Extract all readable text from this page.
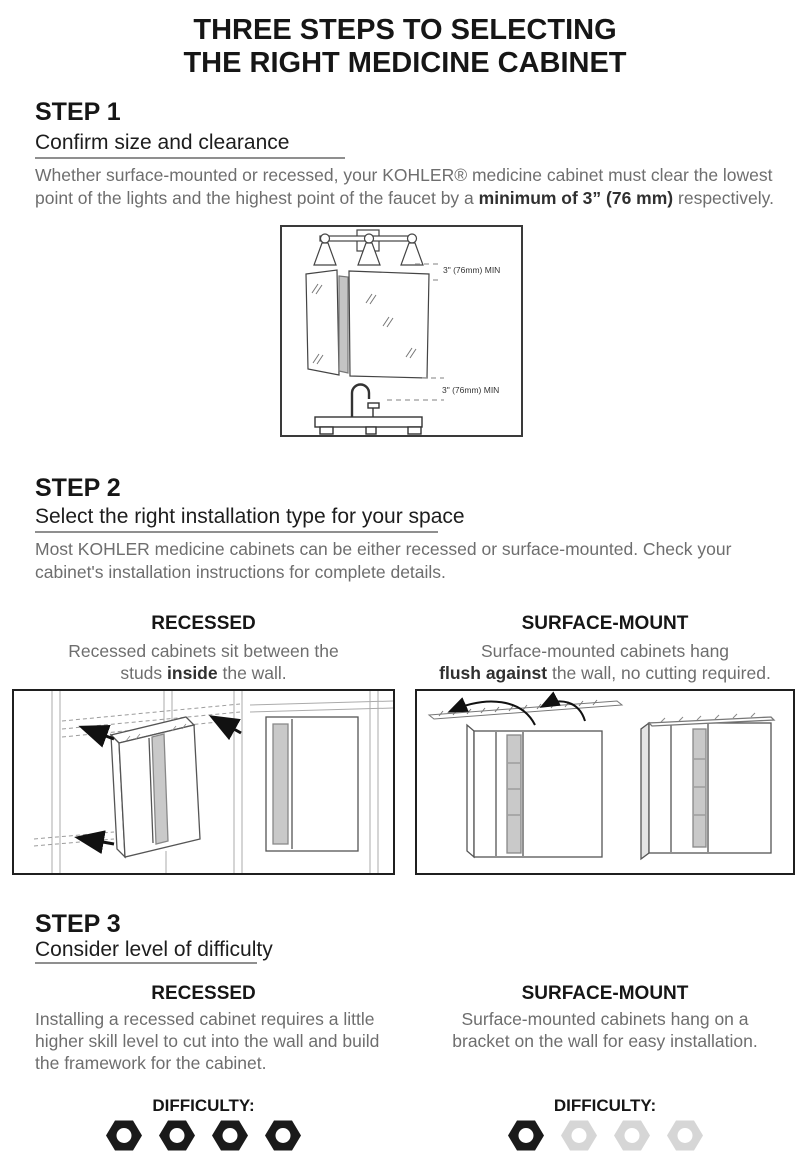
THREE STEPS TO SELECTING
THE RIGHT MEDICINE CABINET
STEP 1
Confirm size and clearance
Whether surface-mounted or recessed, your KOHLER® medicine cabinet must clear the lowest
point of the lights and the highest point of the faucet by a minimum of 3” (76 mm) respectively.
3" (76mm) MIN
3" (76mm) MIN
STEP 2
Select the right installation type for your space
Most KOHLER medicine cabinets can be either recessed or surface-mounted. Check your
cabinet's installation instructions for complete details.
RECESSED
Recessed cabinets sit between the
studs inside the wall.
SURFACE-MOUNT
Surface-mounted cabinets hang
flush against the wall, no cutting required.
STEP 3
Consider level of difficulty
RECESSED
Installing a recessed cabinet requires a little
higher skill level to cut into the wall and build
the framework for the cabinet.
SURFACE-MOUNT
Surface-mounted cabinets hang on a
bracket on the wall for easy installation.
DIFFICULTY:	DIFFICULTY:
